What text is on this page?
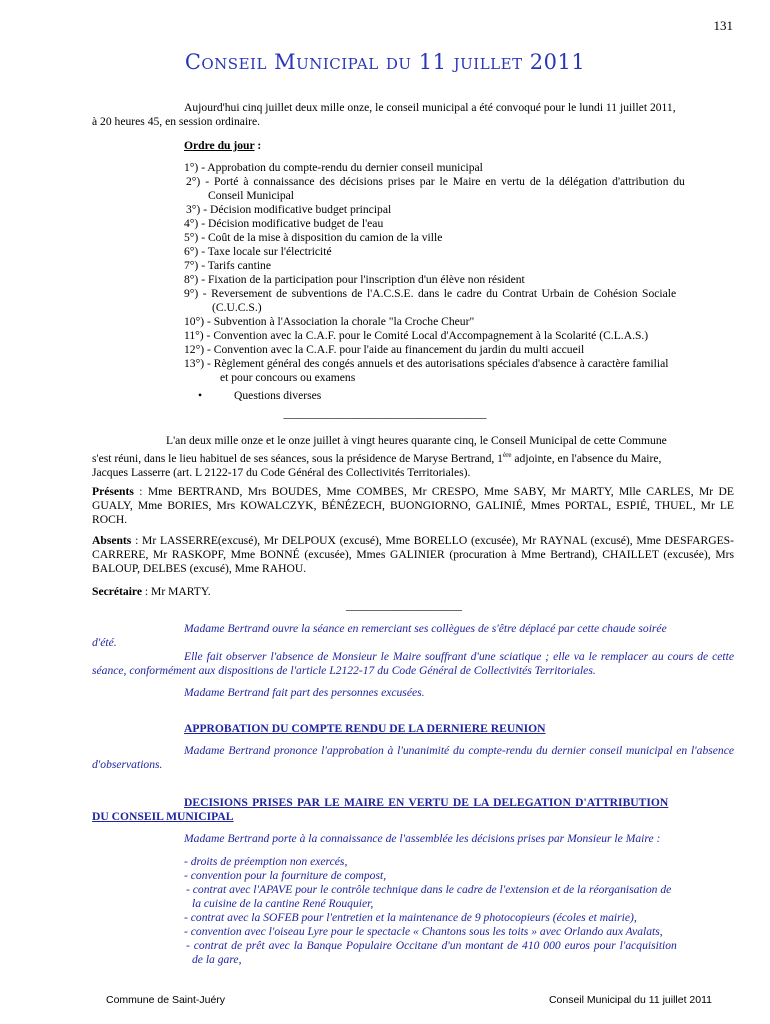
131
Conseil Municipal du 11 juillet 2011
Aujourd'hui cinq juillet deux mille onze, le conseil municipal a été convoqué pour le lundi 11 juillet 2011,
à 20 heures 45, en session ordinaire.
Ordre du jour :
1°) - Approbation du compte-rendu du dernier conseil municipal
2°) - Porté à connaissance des décisions prises par le Maire en vertu de la délégation d'attribution du
Conseil Municipal
3°) - Décision modificative budget principal
4°) - Décision modificative budget de l'eau
5°) - Coût de la mise à disposition du camion de la ville
6°) - Taxe locale sur l'électricité
7°) - Tarifs cantine
8°) - Fixation de la participation pour l'inscription d'un élève non résident
9°) - Reversement de subventions de l'A.C.S.E. dans le cadre du Contrat Urbain de Cohésion Sociale
(C.U.C.S.)
10°) - Subvention à l'Association la chorale "la Croche Cheur"
11°) - Convention avec la C.A.F. pour le Comité Local d'Accompagnement à la Scolarité (C.L.A.S.)
12°) - Convention avec la C.A.F. pour l'aide au financement du jardin du multi accueil
13°) - Règlement général des congés annuels et des autorisations spéciales d'absence à caractère familial
et pour concours ou examens
•	Questions diverses
___________________________________
L'an deux mille onze et le onze juillet à vingt heures quarante cinq, le Conseil Municipal de cette Commune
s'est réuni, dans le lieu habituel de ses séances, sous la présidence de Maryse Bertrand, 1ère adjointe, en l'absence du Maire,
Jacques Lasserre (art. L 2122-17 du Code Général des Collectivités Territoriales).
Présents : Mme BERTRAND, Mrs BOUDES, Mme COMBES, Mr CRESPO, Mme SABY, Mr MARTY, Mlle CARLES, Mr DE GUALY, Mme BORIES, Mrs KOWALCZYK, BÉNÉZECH, BUONGIORNO, GALINIÉ, Mmes PORTAL, ESPIÉ, THUEL, Mr LE ROCH.
Absents : Mr LASSERRE(excusé), Mr DELPOUX (excusé), Mme BORELLO (excusée), Mr RAYNAL (excusé), Mme DESFARGES-CARRERE, Mr RASKOPF, Mme BONNÉ (excusée), Mmes GALINIER (procuration à Mme Bertrand), CHAILLET (excusée), Mrs BALOUP, DELBES (excusé), Mme RAHOU.
Secrétaire : Mr MARTY.
____________________
Madame Bertrand ouvre la séance en remerciant ses collègues de s'être déplacé par cette chaude soirée
d'été.
Elle fait observer l'absence de Monsieur le Maire souffrant d'une sciatique ; elle va le remplacer au cours de cette séance, conformément aux dispositions de l'article L2122-17 du Code Général de Collectivités Territoriales.
Madame Bertrand fait part des personnes excusées.
APPROBATION DU COMPTE RENDU DE LA DERNIERE REUNION
Madame Bertrand prononce l'approbation à l'unanimité du compte-rendu du dernier conseil municipal en l'absence d'observations.
DECISIONS PRISES PAR LE MAIRE EN VERTU DE LA DELEGATION D'ATTRIBUTION
DU CONSEIL MUNICIPAL
Madame Bertrand porte à la connaissance de l'assemblée les décisions prises par Monsieur le Maire :
- droits de préemption non exercés,
- convention pour la fourniture de compost,
- contrat avec l'APAVE pour le contrôle technique dans le cadre de l'extension et de la réorganisation de
la cuisine de la cantine René Rouquier,
- contrat avec la SOFEB pour l'entretien et la maintenance de 9 photocopieurs (écoles et mairie),
- convention avec l'oiseau Lyre pour le spectacle « Chantons sous les toits » avec Orlando aux Avalats,
- contrat de prêt avec la Banque Populaire Occitane d'un montant de 410 000 euros pour l'acquisition
de la gare,
Commune de Saint-Juéry	Conseil Municipal du 11 juillet 2011
